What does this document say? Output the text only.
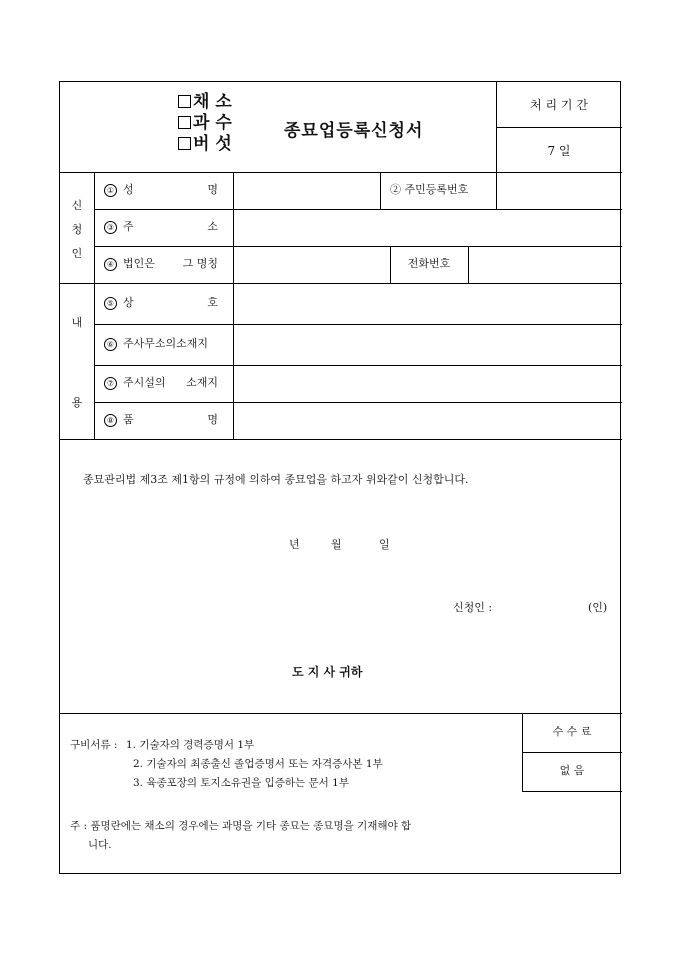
채 소
과 수
버 섯
종묘업등록신청서
처 리 기 간
7 일
신
청
인
① 성	명	② 주민등록번호
③ 주	소
④ 법인은	그 명칭	전화번호
내
용
⑤ 상	호
⑥ 주사무소의소재지
⑦ 주시설의 소재지
⑧ 품	명
종묘관리법 제3조 제1항의 규정에 의하여 종묘업을 하고자 위와같이 신청합니다.
년	월	일
신청인 :	(인)
도 지 사 귀하
수 수 료
없 음
구비서류 : 1. 기술자의 경력증명서 1부
2. 기술자의 최종출신 졸업증명서 또는 자격증사본 1부
3. 육종포장의 토지소유권을 입증하는 문서 1부
주 : 품명란에는 채소의 경우에는 과명을 기타 종묘는 종묘명을 기재해야 합
니다.
